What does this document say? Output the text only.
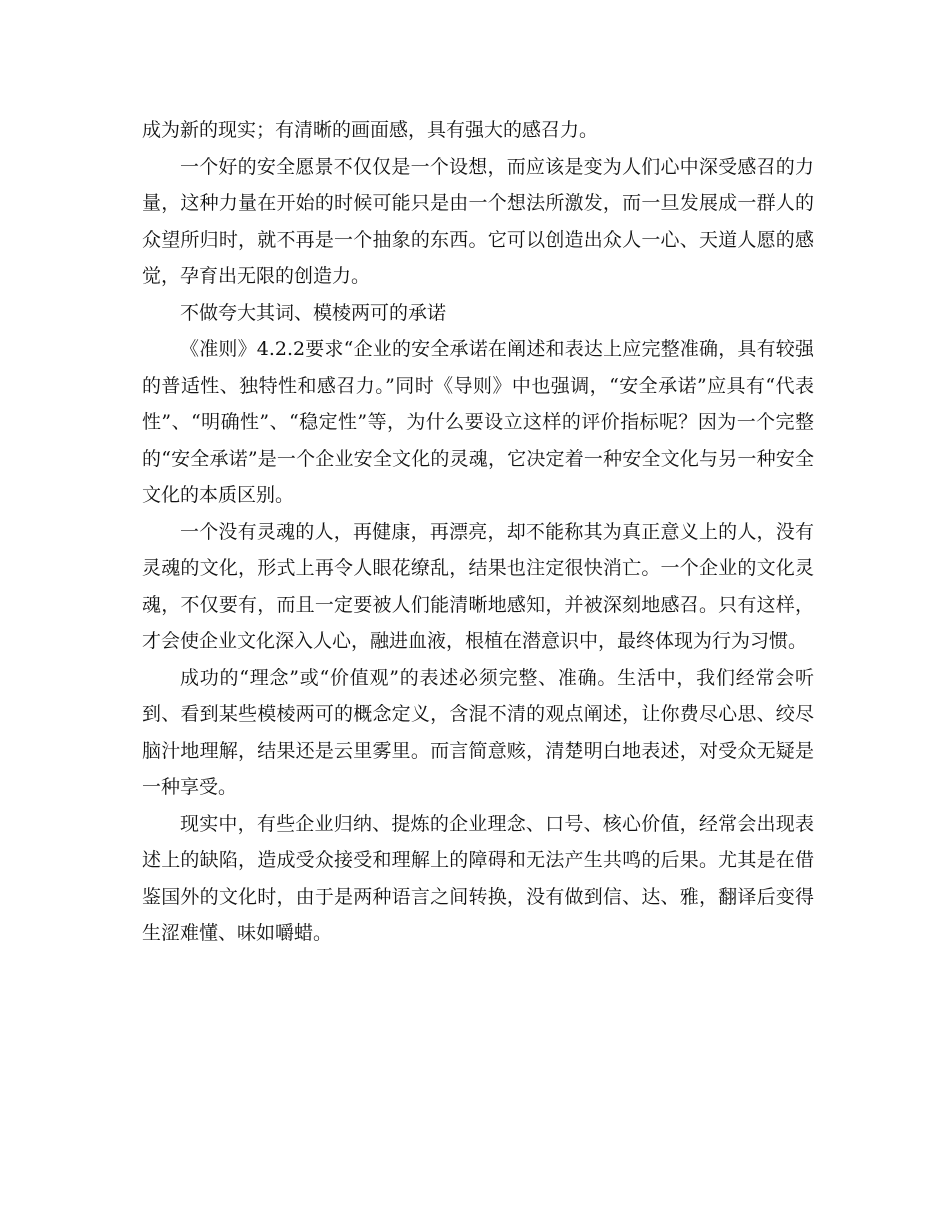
成为新的现实；有清晰的画面感，具有强大的感召力。

一个好的安全愿景不仅仅是一个设想，而应该是变为人们心中深受感召的力量，这种力量在开始的时候可能只是由一个想法所激发，而一旦发展成一群人的众望所归时，就不再是一个抽象的东西。它可以创造出众人一心、天道人愿的感觉，孕育出无限的创造力。

不做夸大其词、模棱两可的承诺

《准则》4.2.2要求“企业的安全承诺在阐述和表达上应完整准确，具有较强的普适性、独特性和感召力。”同时《导则》中也强调，“安全承诺”应具有“代表性”、“明确性”、“稳定性”等，为什么要设立这样的评价指标呢？因为一个完整的“安全承诺”是一个企业安全文化的灵魂，它决定着一种安全文化与另一种安全文化的本质区别。

一个没有灵魂的人，再健康，再漂亮，却不能称其为真正意义上的人，没有灵魂的文化，形式上再令人眼花缭乱，结果也注定很快消亡。一个企业的文化灵魂，不仅要有，而且一定要被人们能清晰地感知，并被深刻地感召。只有这样，才会使企业文化深入人心，融进血液，根植在潜意识中，最终体现为行为习惯。

成功的“理念”或“价值观”的表述必须完整、准确。生活中，我们经常会听到、看到某些模棱两可的概念定义，含混不清的观点阐述，让你费尽心思、绞尽脑汁地理解，结果还是云里雾里。而言简意赅，清楚明白地表述，对受众无疑是一种享受。

现实中，有些企业归纳、提炼的企业理念、口号、核心价值，经常会出现表述上的缺陷，造成受众接受和理解上的障碍和无法产生共鸣的后果。尤其是在借鉴国外的文化时，由于是两种语言之间转换，没有做到信、达、雅，翻译后变得生涩难懂、味如嚼蜡。
